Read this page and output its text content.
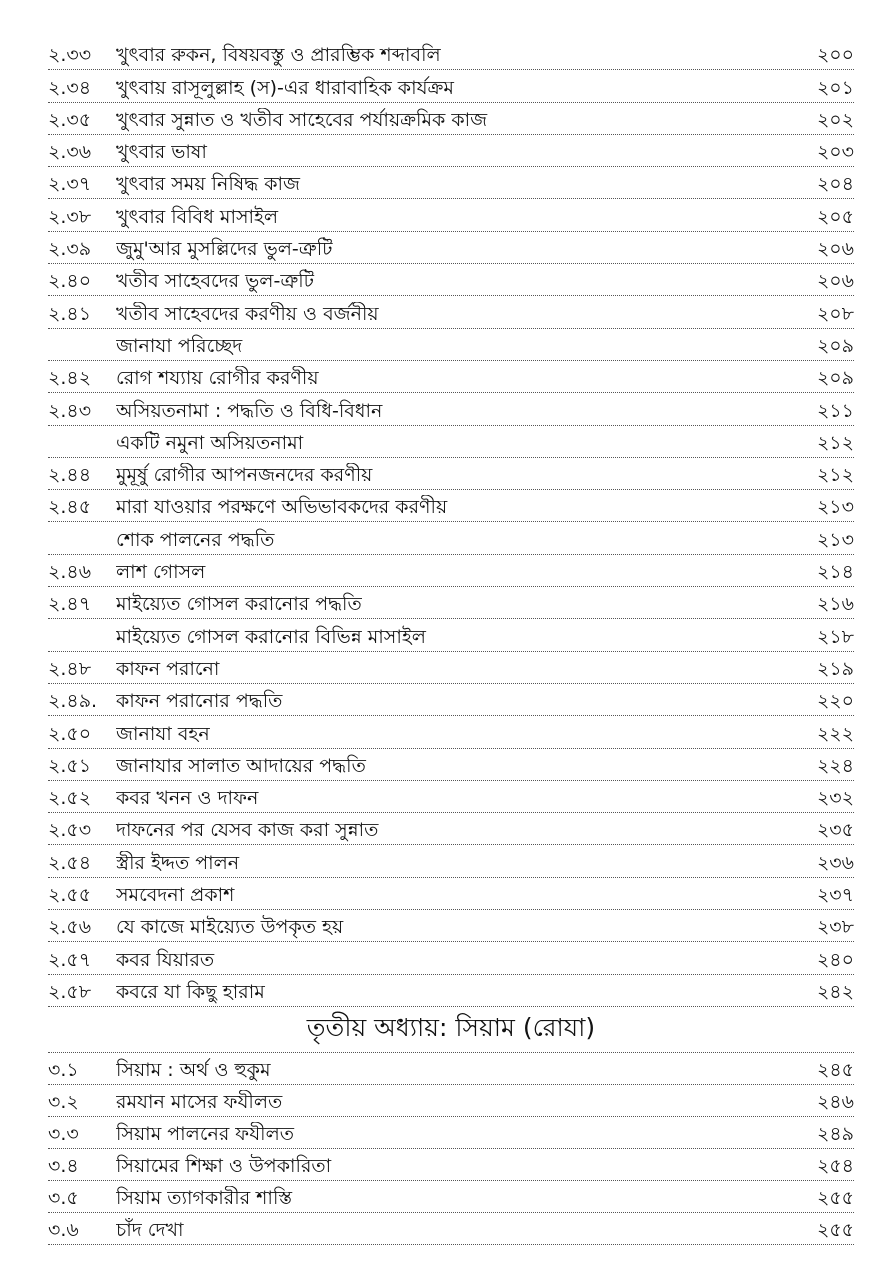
২.৩৩	খুৎবার রুকন, বিষয়বস্তু ও প্রারম্ভিক শব্দাবলি	২০০
২.৩৪	খুৎবায় রাসূলুল্লাহ (স)-এর ধারাবাহিক কার্যক্রম	২০১
২.৩৫	খুৎবার সুন্নাত ও খতীব সাহেবের পর্যায়ক্রমিক কাজ	২০২
২.৩৬	খুৎবার ভাষা	২০৩
২.৩৭	খুৎবার সময় নিষিদ্ধ কাজ	২০৪
২.৩৮	খুৎবার বিবিধ মাসাইল	২০৫
২.৩৯	জুমু'আর মুসল্লিদের ভুল-ত্রুটি	২০৬
২.৪০	খতীব সাহেবদের ভুল-ত্রুটি	২০৬
২.৪১	খতীব সাহেবদের করণীয় ও বর্জনীয়	২০৮
জানাযা পরিচ্ছেদ	২০৯
২.৪২	রোগ শয্যায় রোগীর করণীয়	২০৯
২.৪৩	অসিয়তনামা : পদ্ধতি ও বিধি-বিধান	২১১
একটি নমুনা অসিয়তনামা	২১২
২.৪৪	মুমূর্ষু রোগীর আপনজনদের করণীয়	২১২
২.৪৫	মারা যাওয়ার পরক্ষণে অভিভাবকদের করণীয়	২১৩
শোক পালনের পদ্ধতি	২১৩
২.৪৬	লাশ গোসল	২১৪
২.৪৭	মাইয়্যেত গোসল করানোর পদ্ধতি	২১৬
মাইয়্যেত গোসল করানোর বিভিন্ন মাসাইল	২১৮
২.৪৮	কাফন পরানো	২১৯
২.৪৯. কাফন পরানোর পদ্ধতি	২২০
২.৫০	জানাযা বহন	২২২
২.৫১	জানাযার সালাত আদায়ের পদ্ধতি	২২৪
২.৫২	কবর খনন ও দাফন	২৩২
২.৫৩	দাফনের পর যেসব কাজ করা সুন্নাত	২৩৫
২.৫৪	স্ত্রীর ইদ্দত পালন	২৩৬
২.৫৫	সমবেদনা প্রকাশ	২৩৭
২.৫৬	যে কাজে মাইয়্যেত উপকৃত হয়	২৩৮
২.৫৭	কবর যিয়ারত	২৪০
২.৫৮	কবরে যা কিছু হারাম	২৪২
তৃতীয় অধ্যায়: সিয়াম (রোযা)
৩.১	সিয়াম : অর্থ ও হুকুম	২৪৫
৩.২	রমযান মাসের ফযীলত	২৪৬
৩.৩	সিয়াম পালনের ফযীলত	২৪৯
৩.৪	সিয়ামের শিক্ষা ও উপকারিতা	২৫৪
৩.৫	সিয়াম ত্যাগকারীর শাস্তি	২৫৫
৩.৬	চাঁদ দেখা	২৫৫
